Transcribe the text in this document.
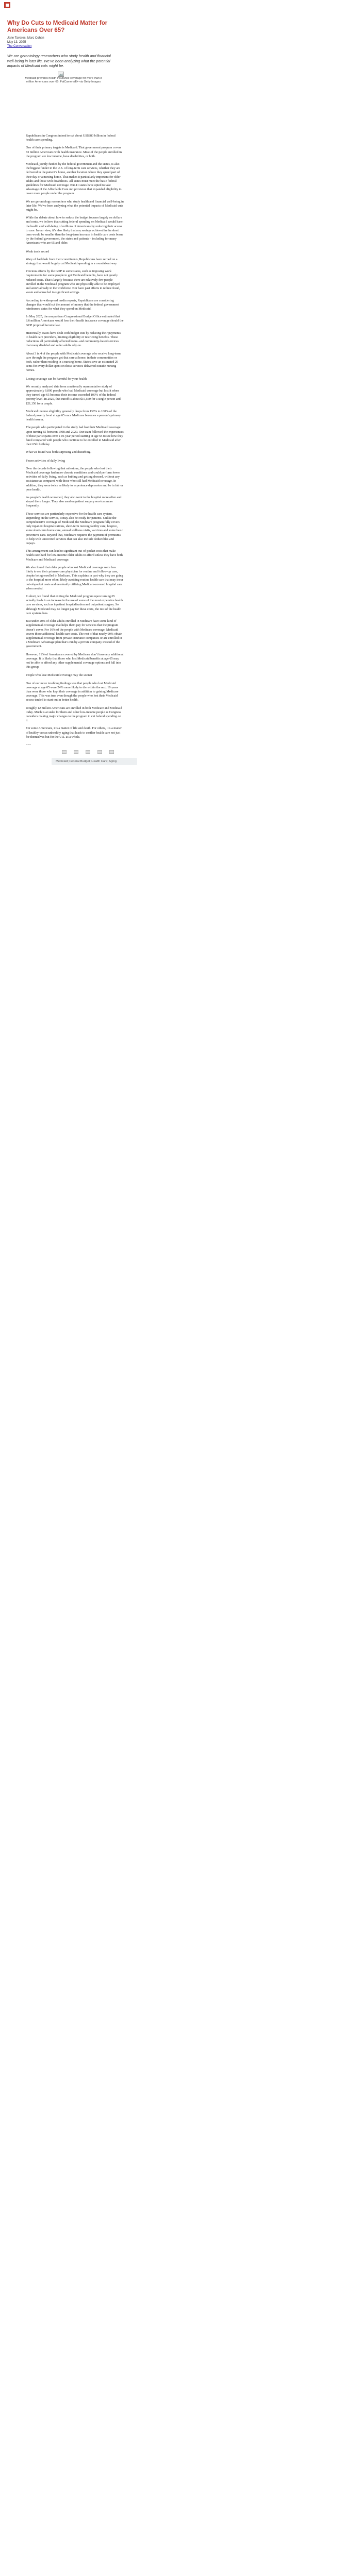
Why Do Cuts to Medicaid Matter for Americans Over 65?
Jane Tavares; Marc Cohen
May 13, 2025
The Conversation
We are gerontology researchers who study health and financial well-being in later life. We’ve been analyzing what the potential impacts of Medicaid cuts might be.
Medicaid provides health insurance coverage for more than 8 million Americans over 65. FatCamera/E+ via Getty Images

Republicans in Congress intend to cut about US$880 billion in federal health care spending.

One of their primary targets is Medicaid. That government program covers 83 million Americans with health insurance. Most of the people enrolled in the program are low income, have disabilities, or both.

Medicaid, jointly funded by the federal government and the states, is also the biggest funder in the U.S. of long-term care services, whether they are delivered in the patient’s home, another location where they spend part of their day or a nursing home. That makes it particularly important for older adults and those with disabilities. All states must meet the basic federal guidelines for Medicaid coverage. But 41 states have opted to take advantage of the Affordable Care Act provision that expanded eligibility to cover more people under the program.

We are gerontology researchers who study health and financial well-being in later life. We’ve been analyzing what the potential impacts of Medicaid cuts might be.

While the debate about how to reduce the budget focuses largely on dollars and cents, we believe that cutting federal spending on Medicaid would harm the health and well-being of millions of Americans by reducing their access to care. In our view, it’s also likely that any savings achieved in the short term would be smaller than the long-term increase in health care costs borne by the federal government, the states and patients – including for many Americans who are 65 and older.

Weak track record

Wary of backlash from their constituents, Republicans have zeroed on a strategy that would largely cut Medicaid spending in a roundabout way.

Previous efforts by the GOP in some states, such as imposing work requirements for some people to get Medicaid benefits, have not greatly reduced costs. That’s largely because there are relatively few people enrolled in the Medicaid program who are physically able to be employed and aren’t already in the workforce. Nor have past efforts to reduce fraud, waste and abuse led to significant savings.

According to widespread media reports, Republicans are considering changes that would cut the amount of money that the federal government reimburses states for what they spend on Medicaid.

In May 2025, the nonpartisan Congressional Budget Office estimated that 8.6 million Americans would lose their health insurance coverage should the GOP proposal become law.

Historically, states have dealt with budget cuts by reducing their payments to health care providers, limiting eligibility or restricting benefits. These reductions all particularly affected home- and community-based services that many disabled and older adults rely on.

About 3 in 4 of the people with Medicaid coverage who receive long-term care through the program get that care at home, in their communities or both, rather than residing in a nursing home. States save an estimated 29 cents for every dollar spent on those services delivered outside nursing homes.

Losing coverage can be harmful for your health

We recently analyzed data from a nationally representative study of approximately 6,000 people who had Medicaid coverage but lost it when they turned age 65 because their income exceeded 100% of the federal poverty level. In 2025, that cutoff is about $15,560 for a single person and $21,150 for a couple.

Medicaid income eligibility generally drops from 138% to 100% of the federal poverty level at age 65 once Medicare becomes a person’s primary health insurer.

The people who participated in the study had lost their Medicaid coverage upon turning 65 between 1998 and 2020. Our team followed the experiences of these participants over a 10-year period starting at age 65 to see how they fared compared with people who continue to be enrolled in Medicaid after their 65th birthday.

What we found was both surprising and disturbing.

Fewer activities of daily living

Over the decade following that milestone, the people who lost their Medicaid coverage had more chronic conditions and could perform fewer activities of daily living, such as bathing and getting dressed, without any assistance as compared with those who still had Medicaid coverage. In addition, they were twice as likely to experience depression and be in fair or poor health.

As people’s health worsened, they also went to the hospital more often and stayed there longer. They also used outpatient surgery services more frequently.

These services are particularly expensive for the health care system. Depending on the service, it may also be costly for patients. Unlike the comprehensive coverage of Medicaid, the Medicare program fully covers only inpatient hospitalizations, short-term nursing facility care, hospice, some short-term home care, annual wellness visits, vaccines and some basic preventive care. Beyond that, Medicare requires the payment of premiums to help with uncovered services that can also include deductibles and copays.

This arrangement can lead to significant out-of-pocket costs that make health care hard for low-income older adults to afford unless they have both Medicare and Medicaid coverage.

We also found that older people who lost Medicaid coverage were less likely to see their primary care physician for routine and follow-up care, despite being enrolled in Medicare. This explains in part why they are going to the hospital more often, likely avoiding routine health care that may incur out-of-pocket costs and eventually utilizing Medicare-covered hospital care when needed.

In short, we found that exiting the Medicaid program upon turning 65 actually leads to an increase in the use of some of the most expensive health care services, such as inpatient hospitalization and outpatient surgery. So although Medicaid may no longer pay for these costs, the rest of the health care system does.

Just under 20% of older adults enrolled in Medicare have some kind of supplemental coverage that helps them pay for services that the program doesn’t cover. For 16% of the people with Medicare coverage, Medicaid covers those additional health care costs. The rest of that nearly 90% obtain supplemental coverage from private insurance companies or are enrolled in a Medicare Advantage plan that’s run by a private company instead of the government.

However, 11% of Americans covered by Medicare don’t have any additional coverage. It is likely that those who lost Medicaid benefits at age 65 may not be able to afford any other supplemental coverage options and fall into this group.

People who lose Medicaid coverage may die sooner

One of our more troubling findings was that people who lost Medicaid coverage at age 65 were 24% more likely to die within the next 10 years than were those who kept their coverage in addition to gaining Medicare coverage. This was true even though the people who lost their Medicaid access tended to start out in better health.

Roughly 12 million Americans are enrolled in both Medicare and Medicaid today. Much is at stake for them and other low-income people as Congress considers making major changes to the program to cut federal spending on it.

For some Americans, it’s a matter of life and death. For others, it’s a matter of healthy versus unhealthy aging that leads to costlier health care not just for themselves but for the U.S. as a whole.

===
Medicaid; Federal Budget; Health Care; Aging
